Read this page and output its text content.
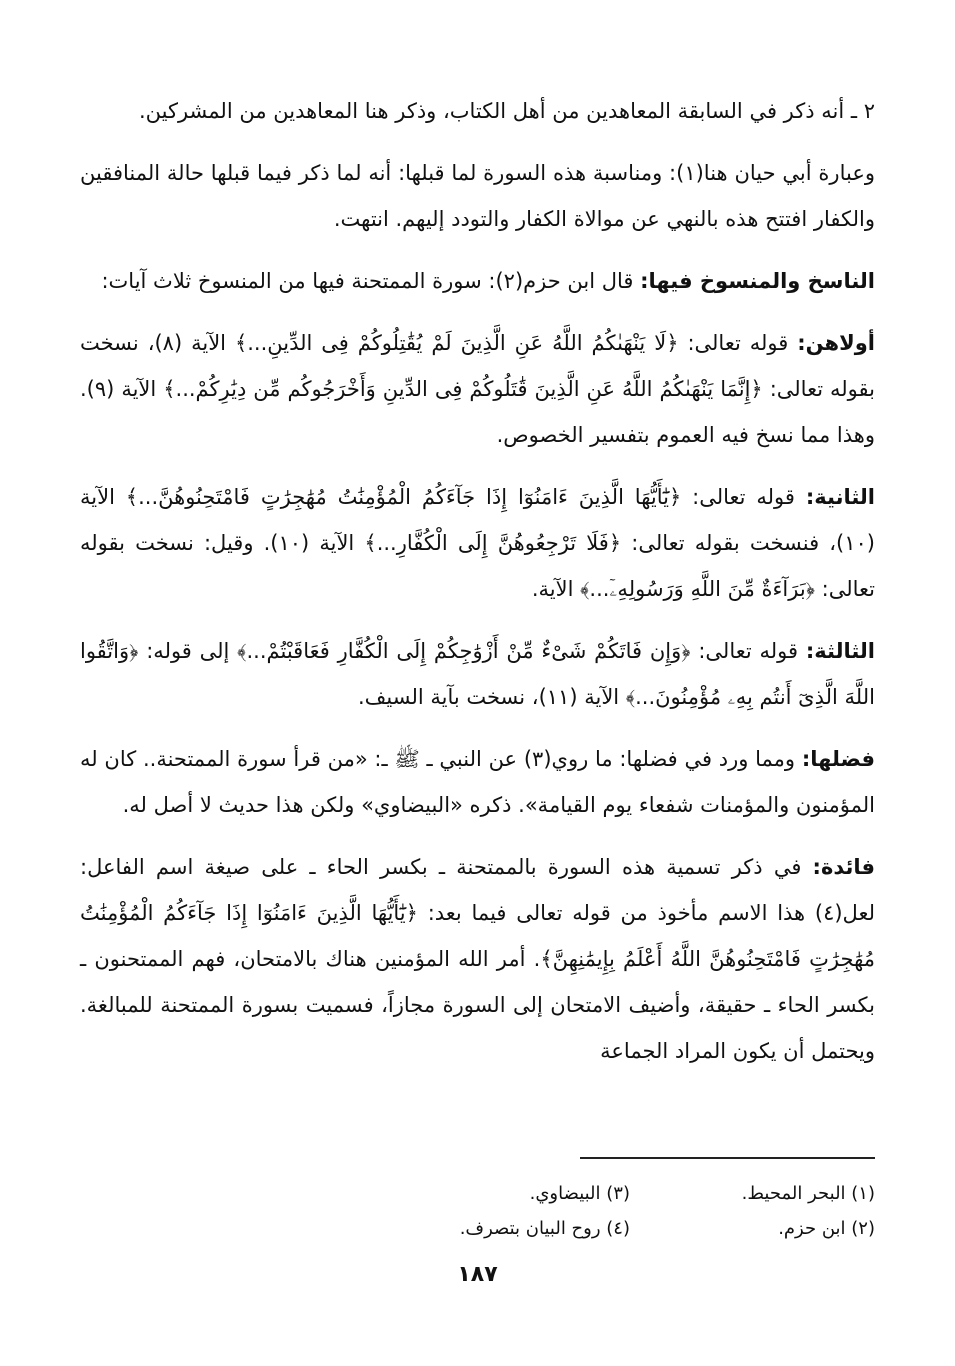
٢ ـ أنه ذكر في السابقة المعاهدين من أهل الكتاب، وذكر هنا المعاهدين من المشركين.

وعبارة أبي حيان هنا(١): ومناسبة هذه السورة لما قبلها: أنه لما ذكر فيما قبلها حالة المنافقين والكفار افتتح هذه بالنهي عن موالاة الكفار والتودد إليهم. انتهت.

الناسخ والمنسوخ فيها: قال ابن حزم(٢): سورة الممتحنة فيها من المنسوخ ثلاث آيات:

أولاهن: قوله تعالى: ﴿لَا يَنْهَىٰكُمُ اللَّهُ عَنِ الَّذِينَ لَمْ يُقَٰتِلُوكُمْ فِى الدِّينِ...﴾ الآية (٨)، نسخت بقوله تعالى: ﴿إِنَّمَا يَنْهَىٰكُمُ اللَّهُ عَنِ الَّذِينَ قَٰتَلُوكُمْ فِى الدِّينِ وَأَخْرَجُوكُم مِّن دِيَٰرِكُمْ...﴾ الآية (٩). وهذا مما نسخ فيه العموم بتفسير الخصوص.

الثانية: قوله تعالى: ﴿يَٰٓأَيُّهَا الَّذِينَ ءَامَنُوٓا إِذَا جَآءَكُمُ الْمُؤْمِنَٰتُ مُهَٰجِرَٰتٍ فَامْتَحِنُوهُنَّ...﴾ الآية (١٠)، فنسخت بقوله تعالى: ﴿فَلَا تَرْجِعُوهُنَّ إِلَى الْكُفَّارِ...﴾ الآية (١٠). وقيل: نسخت بقوله تعالى: ﴿بَرَآءَةٌ مِّنَ اللَّهِ وَرَسُولِهِۦٓ...﴾ الآية.

الثالثة: قوله تعالى: ﴿وَإِن فَاتَكُمْ شَىْءٌ مِّنْ أَزْوَٰجِكُمْ إِلَى الْكُفَّارِ فَعَاقَبْتُمْ...﴾ إلى قوله: ﴿وَاتَّقُوا اللَّهَ الَّذِىٓ أَنتُم بِهِۦ مُؤْمِنُونَ...﴾ الآية (١١)، نسخت بآية السيف.

فضلها: ومما ورد في فضلها: ما روي(٣) عن النبي ـ ﷺ ـ: «من قرأ سورة الممتحنة.. كان له المؤمنون والمؤمنات شفعاء يوم القيامة». ذكره «البيضاوي» ولكن هذا حديث لا أصل له.

فائدة: في ذكر تسمية هذه السورة بالممتحنة ـ بكسر الحاء ـ على صيغة اسم الفاعل: لعل(٤) هذا الاسم مأخوذ من قوله تعالى فيما بعد: ﴿يَٰٓأَيُّهَا الَّذِينَ ءَامَنُوٓا إِذَا جَآءَكُمُ الْمُؤْمِنَٰتُ مُهَٰجِرَٰتٍ فَامْتَحِنُوهُنَّ اللَّهُ أَعْلَمُ بِإِيمَٰنِهِنَّ﴾. أمر الله المؤمنين هناك بالامتحان، فهم الممتحنون ـ بكسر الحاء ـ حقيقة، وأضيف الامتحان إلى السورة مجازاً، فسميت بسورة الممتحنة للمبالغة. ويحتمل أن يكون المراد الجماعة

(١) البحر المحيط.
(٣) البيضاوي.
(٢) ابن حزم.
(٤) روح البيان بتصرف.
١٨٧
